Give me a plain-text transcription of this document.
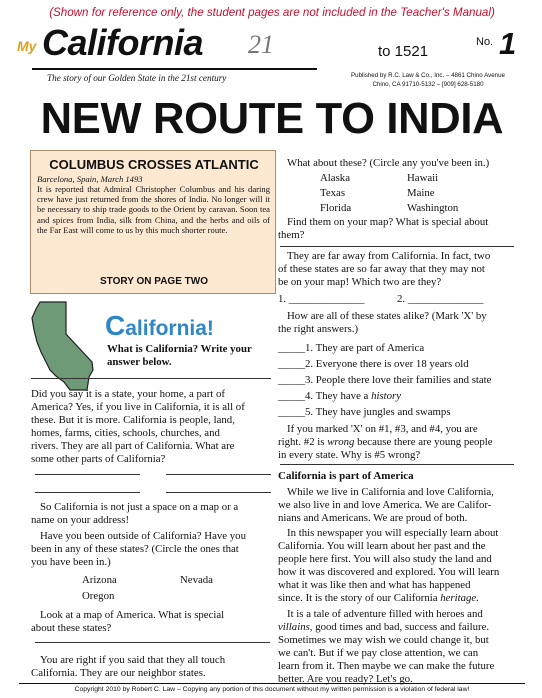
(Shown for reference only, the student pages are not included in the Teacher's Manual)
My California 21	to 1521
No. 1
The story of our Golden State in the 21st century	Published by R.C. Law & Co., Inc. – 4861 Chino Avenue
Chino, CA 91710-5132 – [909] 628-5180
NEW ROUTE TO INDIA
COLUMBUS CROSSES ATLANTIC
Barcelona, Spain, March 1493
It is reported that Admiral Christopher Columbus and his daring crew have just returned from the shores of India. No longer will it be necessary to ship trade goods to the Orient by caravan. Soon tea and spices from India, silk from China, and the herbs and oils of the Far East will come to us by this much shorter route.
STORY ON PAGE TWO
California!
What is California? Write your
answer below.
Did you say it is a state, your home, a part of
America? Yes, if you live in California, it is all of
these. But it is more. California is people, land,
homes, farms, cities, schools, churches, and
rivers. They are all part of California. What are
some other parts of California?
So California is not just a space on a map or a
name on your address!
Have you been outside of California? Have you
been in any of these states? (Circle the ones that
you have been in.)
Arizona	Nevada
Oregon
Look at a map of America. What is special
about these states?
You are right if you said that they all touch
California. They are our neighbor states.
What about these? (Circle any you've been in.)
Alaska	Hawaii
Texas	Maine
Florida	Washington
Find them on your map? What is special about
them?
They are far away from California. In fact, two
of these states are so far away that they may not
be on your map! Which two are they?
1. ______________	2. ______________
How are all of these states alike? (Mark 'X' by
the right answers.)
_____1. They are part of America
_____2. Everyone there is over 18 years old
_____3. People there love their families and state
_____4. They have a history
_____5. They have jungles and swamps
If you marked 'X' on #1, #3, and #4, you are
right. #2 is wrong because there are young people
in every state. Why is #5 wrong?
California is part of America
While we live in California and love California,
we also live in and love America. We are Califor-
nians and Americans. We are proud of both.
In this newspaper you will especially learn about
California. You will learn about her past and the
people here first. You will also study the land and
how it was discovered and explored. You will learn
what it was like then and what has happened
since. It is the story of our California heritage.
It is a tale of adventure filled with heroes and
villains, good times and bad, success and failure.
Sometimes we may wish we could change it, but
we can't. But if we pay close attention, we can
learn from it. Then maybe we can make the future
better. Are you ready? Let's go.
Copyright 2010 by Robert C. Law – Copying any portion of this document without my written permission is a violation of federal law!
